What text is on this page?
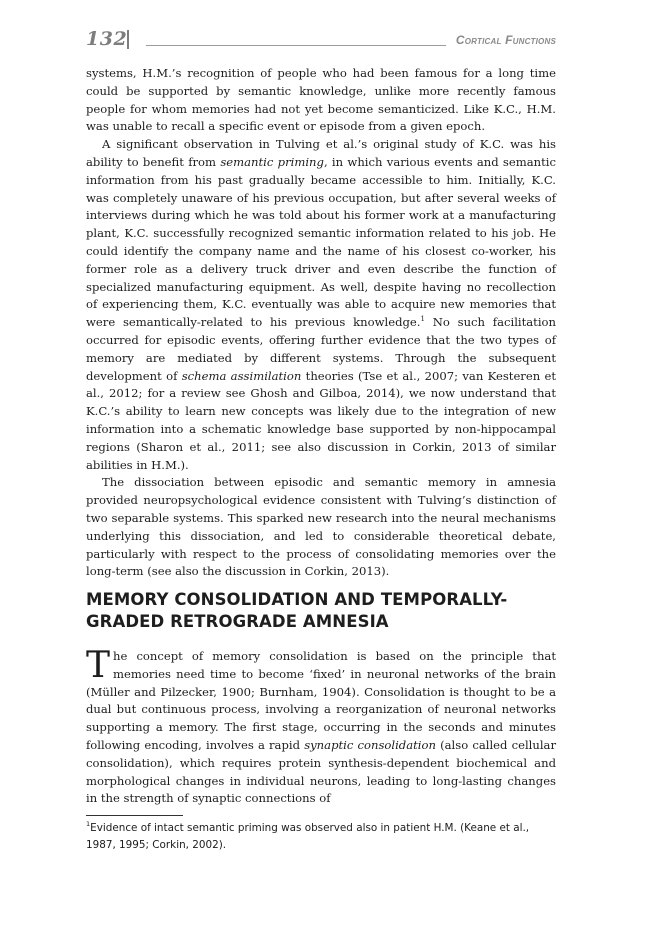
132	Cortical Functions

systems, H.M.’s recognition of people who had been famous for a long time could be supported by semantic knowledge, unlike more recently famous people for whom memories had not yet become semanticized. Like K.C., H.M. was unable to recall a specific event or episode from a given epoch.

A significant observation in Tulving et al.’s original study of K.C. was his ability to benefit from semantic priming, in which various events and semantic information from his past gradually became accessible to him. Initially, K.C. was completely unaware of his previous occupation, but after several weeks of interviews during which he was told about his former work at a manufacturing plant, K.C. successfully recognized semantic information related to his job. He could identify the company name and the name of his closest co-worker, his former role as a delivery truck driver and even describe the function of specialized manufacturing equipment. As well, despite having no recollection of experiencing them, K.C. eventually was able to acquire new memories that were semantically-related to his previous knowledge.$^1$ No such facilitation occurred for episodic events, offering further evidence that the two types of memory are mediated by different systems. Through the subsequent development of schema assimilation theories (Tse et al., 2007; van Kesteren et al., 2012; for a review see Ghosh and Gilboa, 2014), we now understand that K.C.’s ability to learn new concepts was likely due to the integration of new information into a schematic knowledge base supported by non-hippocampal regions (Sharon et al., 2011; see also discussion in Corkin, 2013 of similar abilities in H.M.).

The dissociation between episodic and semantic memory in amnesia provided neuropsychological evidence consistent with Tulving’s distinction of two separable systems. This sparked new research into the neural mechanisms underlying this dissociation, and led to considerable theoretical debate, particularly with respect to the process of consolidating memories over the long-term (see also the discussion in Corkin, 2013).

MEMORY CONSOLIDATION AND TEMPORALLY-
GRADED RETROGRADE AMNESIA

The concept of memory consolidation is based on the principle that memories need time to become ‘fixed’ in neuronal networks of the brain (Müller and Pilzecker, 1900; Burnham, 1904). Consolidation is thought to be a dual but continuous process, involving a reorganization of neuronal networks supporting a memory. The first stage, occurring in the seconds and minutes following encoding, involves a rapid synaptic consolidation (also called cellular consolidation), which requires protein synthesis-dependent biochemical and morphological changes in individual neurons, leading to long-lasting changes in the strength of synaptic connections of

$^1$Evidence of intact semantic priming was observed also in patient H.M. (Keane et al., 1987, 1995; Corkin, 2002).
